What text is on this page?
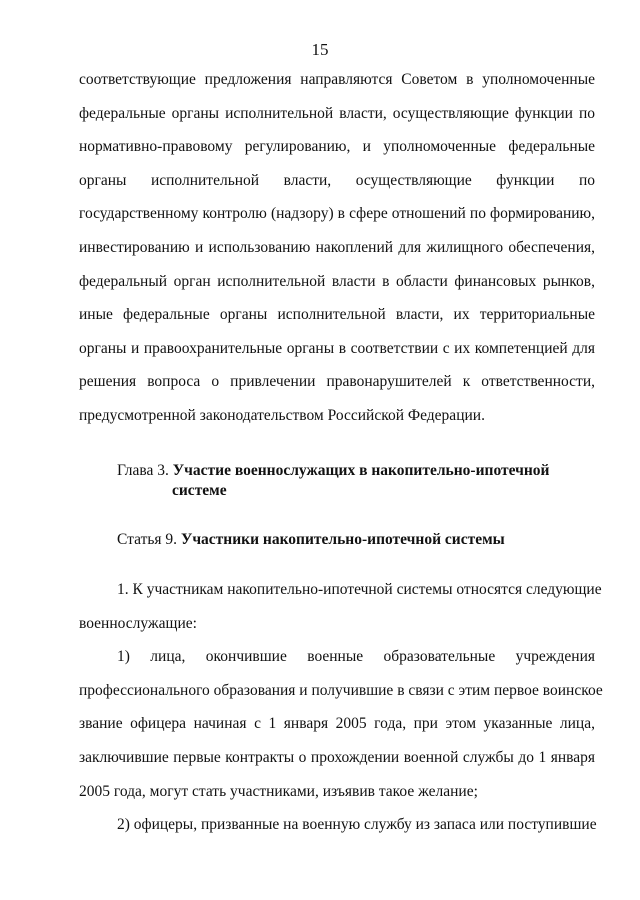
15
соответствующие предложения направляются Советом в уполномоченные
федеральные органы исполнительной власти, осуществляющие функции по
нормативно-правовому регулированию, и уполномоченные федеральные
органы исполнительной власти, осуществляющие функции по
государственному контролю (надзору) в сфере отношений по формированию,
инвестированию и использованию накоплений для жилищного обеспечения,
федеральный орган исполнительной власти в области финансовых рынков,
иные федеральные органы исполнительной власти, их территориальные
органы и правоохранительные органы в соответствии с их компетенцией для
решения вопроса о привлечении правонарушителей к ответственности,
предусмотренной законодательством Российской Федерации.
Глава 3. Участие военнослужащих в накопительно-ипотечной
системе
Статья 9. Участники накопительно-ипотечной системы
1. К участникам накопительно-ипотечной системы относятся следующие
военнослужащие:
1) лица, окончившие военные образовательные учреждения
профессионального образования и получившие в связи с этим первое воинское
звание офицера начиная с 1 января 2005 года, при этом указанные лица,
заключившие первые контракты о прохождении военной службы до 1 января
2005 года, могут стать участниками, изъявив такое желание;
2) офицеры, призванные на военную службу из запаса или поступившие
